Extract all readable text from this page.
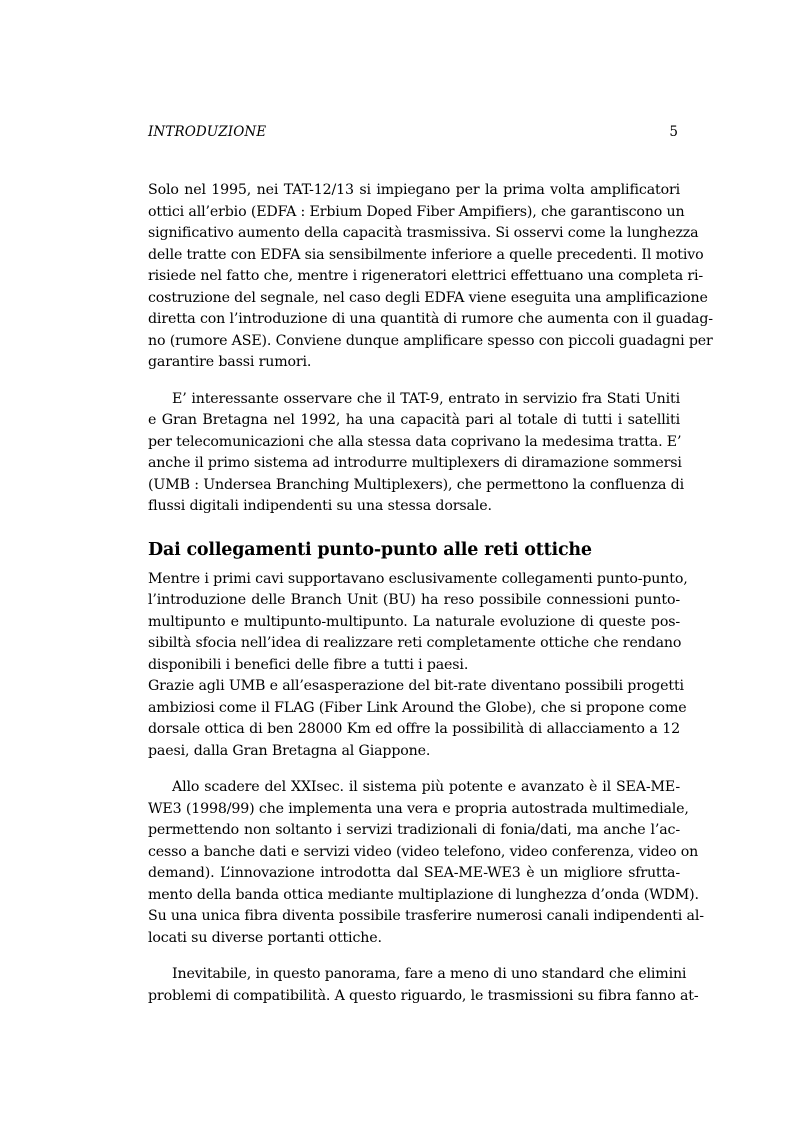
INTRODUZIONE	5
Solo nel 1995, nei TAT-12/13 si impiegano per la prima volta amplificatori
ottici all’erbio (EDFA : Erbium Doped Fiber Ampifiers), che garantiscono un
significativo aumento della capacità trasmissiva. Si osservi come la lunghezza
delle tratte con EDFA sia sensibilmente inferiore a quelle precedenti. Il motivo
risiede nel fatto che, mentre i rigeneratori elettrici effettuano una completa ri-
costruzione del segnale, nel caso degli EDFA viene eseguita una amplificazione
diretta con l’introduzione di una quantità di rumore che aumenta con il guadag-
no (rumore ASE). Conviene dunque amplificare spesso con piccoli guadagni per
garantire bassi rumori.
E’ interessante osservare che il TAT-9, entrato in servizio fra Stati Uniti
e Gran Bretagna nel 1992, ha una capacità pari al totale di tutti i satelliti
per telecomunicazioni che alla stessa data coprivano la medesima tratta. E’
anche il primo sistema ad introdurre multiplexers di diramazione sommersi
(UMB : Undersea Branching Multiplexers), che permettono la confluenza di
flussi digitali indipendenti su una stessa dorsale.
Dai collegamenti punto-punto alle reti ottiche
Mentre i primi cavi supportavano esclusivamente collegamenti punto-punto,
l’introduzione delle Branch Unit (BU) ha reso possibile connessioni punto-
multipunto e multipunto-multipunto. La naturale evoluzione di queste pos-
sibiltà sfocia nell’idea di realizzare reti completamente ottiche che rendano
disponibili i benefici delle fibre a tutti i paesi.
Grazie agli UMB e all’esasperazione del bit-rate diventano possibili progetti
ambiziosi come il FLAG (Fiber Link Around the Globe), che si propone come
dorsale ottica di ben 28000 Km ed offre la possibilità di allacciamento a 12
paesi, dalla Gran Bretagna al Giappone.
Allo scadere del XXIsec. il sistema più potente e avanzato è il SEA-ME-
WE3 (1998/99) che implementa una vera e propria autostrada multimediale,
permettendo non soltanto i servizi tradizionali di fonia/dati, ma anche l’ac-
cesso a banche dati e servizi video (video telefono, video conferenza, video on
demand). L’innovazione introdotta dal SEA-ME-WE3 è un migliore sfrutta-
mento della banda ottica mediante multiplazione di lunghezza d’onda (WDM).
Su una unica fibra diventa possibile trasferire numerosi canali indipendenti al-
locati su diverse portanti ottiche.
Inevitabile, in questo panorama, fare a meno di uno standard che elimini
problemi di compatibilità. A questo riguardo, le trasmissioni su fibra fanno at-
